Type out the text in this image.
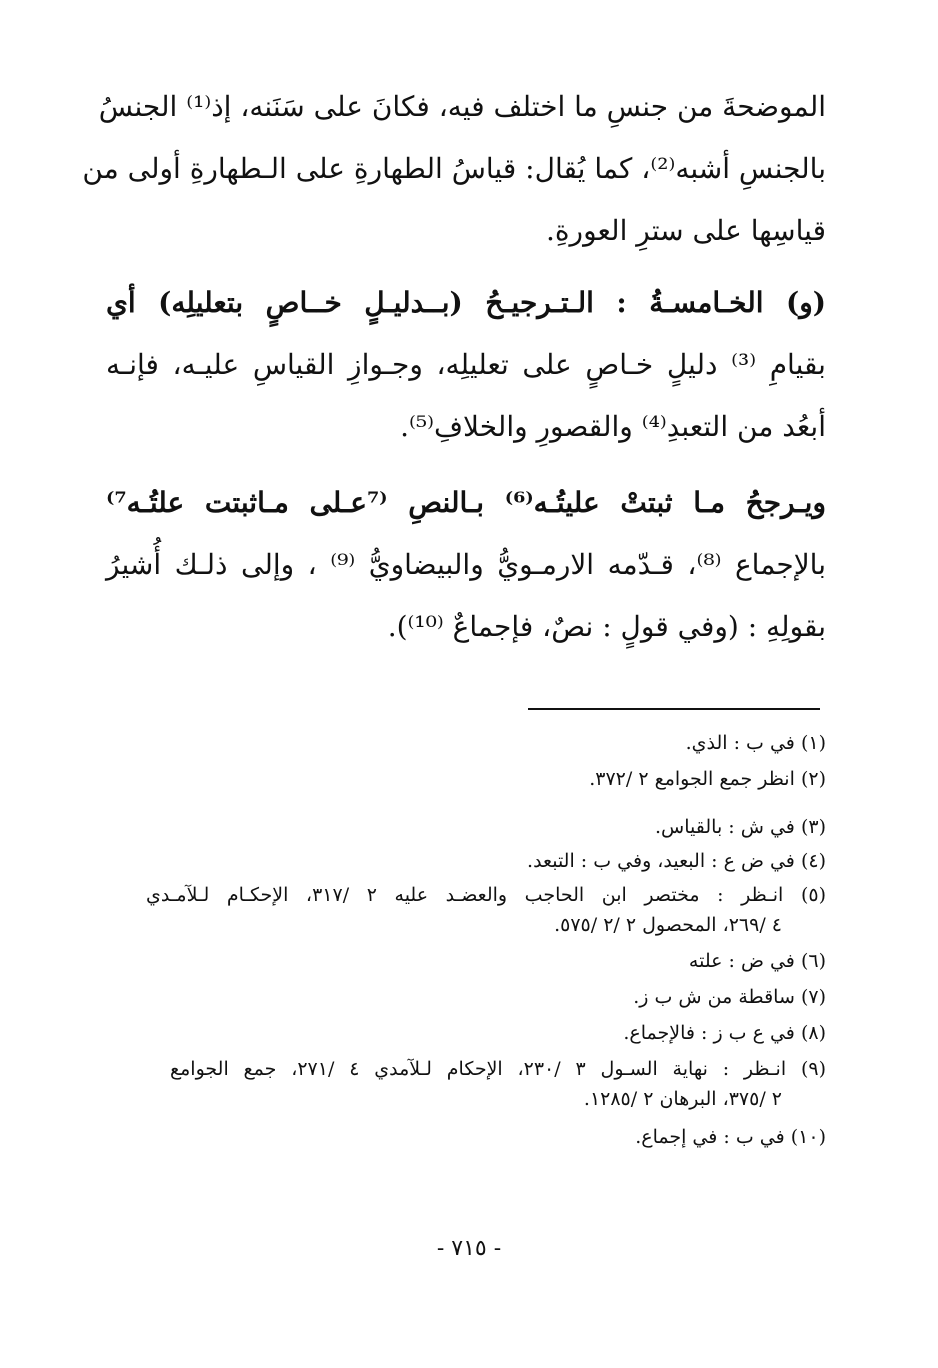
الموضحةَ من جنسِ ما اختلف فيه، فكانَ على سَنَنه، إذ⁽¹⁾ الجنسُ
بالجنسِ أشبه⁽²⁾، كما يُقال: قياسُ الطهارةِ على الـطهارةِ أولى من
قياسِها على سترِ العورةِ.
(و) الخـامسـةُ : الـتـرجيـحُ (بــدليـلٍ خــاصٍ بتعليلِه) أي
بقيامِ ⁽³⁾ دليلٍ خـاصٍ على تعليلِه، وجـوازِ القياسِ عليـه، فإنـه
أبعُد من التعبدِ⁽⁴⁾ والقصورِ والخلافِ⁽⁵⁾.
ويـرجحُ مـا ثبتتْ عليتُـه⁽⁶⁾ بـالنصِ ⁽⁷عـلى مـاثبتت علتُـه⁷⁾
بالإجماع ⁽⁸⁾، قـدّمه الارمـويُّ والبيضاويُّ ⁽⁹⁾ ، وإلى ذلـك أُشيرُ
بقولِهِ : (وفي قولٍ : نصٌ، فإجماعٌ ⁽¹⁰⁾).
(١) في ب : الذي.
(٢) انظر جمع الجوامع ٢ /٣٧٢.
(٣) في ش : بالقياس.
(٤) في ض ع : البعيد، وفي ب : التبعد.
(٥) انـظر : مختصر ابن الحاجب والعضـد عليه ٢ /٣١٧، الإحكـام لـلآمـدي
٤ /٢٦٩، المحصول ٢ /٢ /٥٧٥.
(٦) في ض : علته
(٧) ساقطة من ش ب ز.
(٨) في ع ب ز : فالإجماع.
(٩) انـظر : نهاية السـول ٣ /٢٣٠، الإحكام لـلآمدي ٤ /٢٧١، جمع الجوامع
٢ /٣٧٥، البرهان ٢ /١٢٨٥.
(١٠) في ب : في إجماع.
- ٧١٥ -
